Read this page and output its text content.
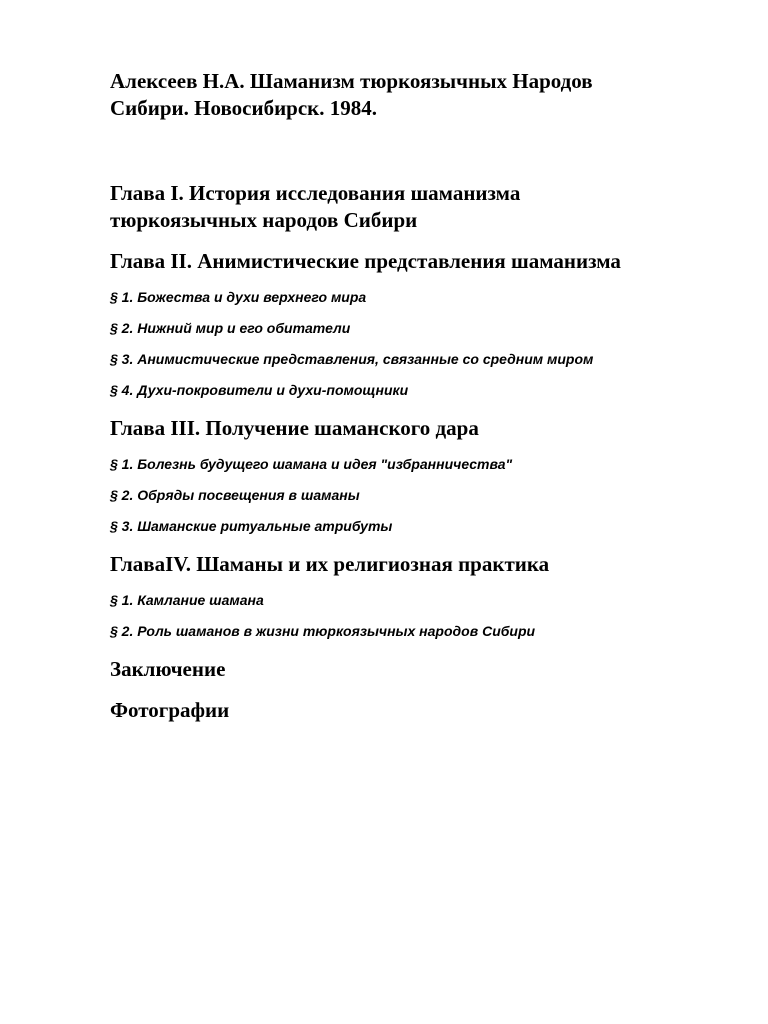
Алексеев Н.А. Шаманизм тюркоязычных Народов
Сибири. Новосибирск. 1984.
Глава I. История исследования шаманизма
тюркоязычных народов Сибири
Глава II. Анимистические представления шаманизма
§ 1. Божества и духи верхнего мира
§ 2. Нижний мир и его обитатели
§ 3. Анимистические представления, связанные со средним миром
§ 4. Духи-покровители и духи-помощники
Глава III. Получение шаманского дара
§ 1. Болезнь будущего шамана и идея "избранничества"
§ 2. Обряды посвещения в шаманы
§ 3. Шаманские ритуальные атрибуты
ГлаваIV. Шаманы и их религиозная практика
§ 1. Камлание шамана
§ 2. Роль шаманов в жизни тюркоязычных народов Сибири
Заключение
Фотографии
